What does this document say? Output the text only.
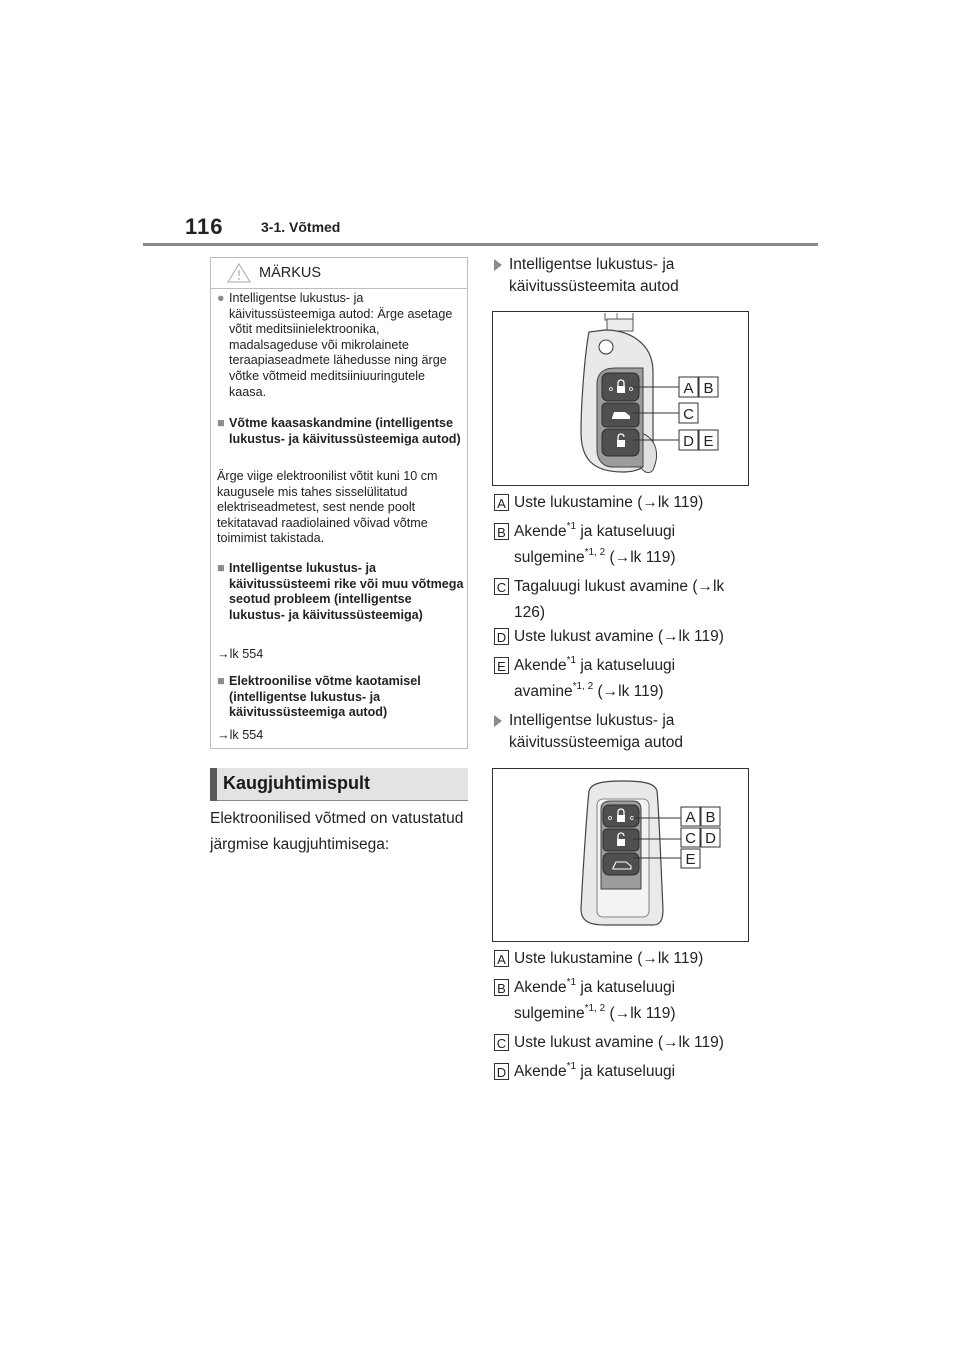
116	3-1. Võtmed
MÄRKUS
● Intelligentse lukustus- ja käivitussüsteemiga autod: Ärge asetage võtit meditsiinielektroonika, madalsageduse või mikrolainete teraapiaseadmete lähedusse ning ärge võtke võtmeid meditsiiniuuringutele kaasa.
■ Võtme kaasaskandmine (intelligentse lukustus- ja käivitussüsteemiga autod)
Ärge viige elektroonilist võtit kuni 10 cm kaugusele mis tahes sisselülitatud elektriseadmetest, sest nende poolt tekitatavad raadiolained võivad võtme toimimist takistada.
■ Intelligentse lukustus- ja käivitussüsteemi rike või muu võtmega seotud probleem (intelligentse lukustus- ja käivitussüsteemiga)
→lk 554
■ Elektroonilise võtme kaotamisel (intelligentse lukustus- ja käivitussüsteemiga autod)
→lk 554
Kaugjuhtimispult
Elektroonilised võtmed on vatustatud järgmise kaugjuhtimisega:
Intelligentse lukustus- ja käivitussüsteemita autod
A B
C
D E
A Uste lukustamine (→lk 119)
B Akende$^{*1}$ ja katuseluugi
sulgemine$^{*1, 2}$ (→lk 119)
C Tagaluugi lukust avamine (→lk
126)
D Uste lukust avamine (→lk 119)
E Akende$^{*1}$ ja katuseluugi
avamine$^{*1, 2}$ (→lk 119)
Intelligentse lukustus- ja käivitussüsteemiga autod
A B
C D
E
A Uste lukustamine (→lk 119)
B Akende$^{*1}$ ja katuseluugi
sulgemine$^{*1, 2}$ (→lk 119)
C Uste lukust avamine (→lk 119)
D Akende$^{*1}$ ja katuseluugi
